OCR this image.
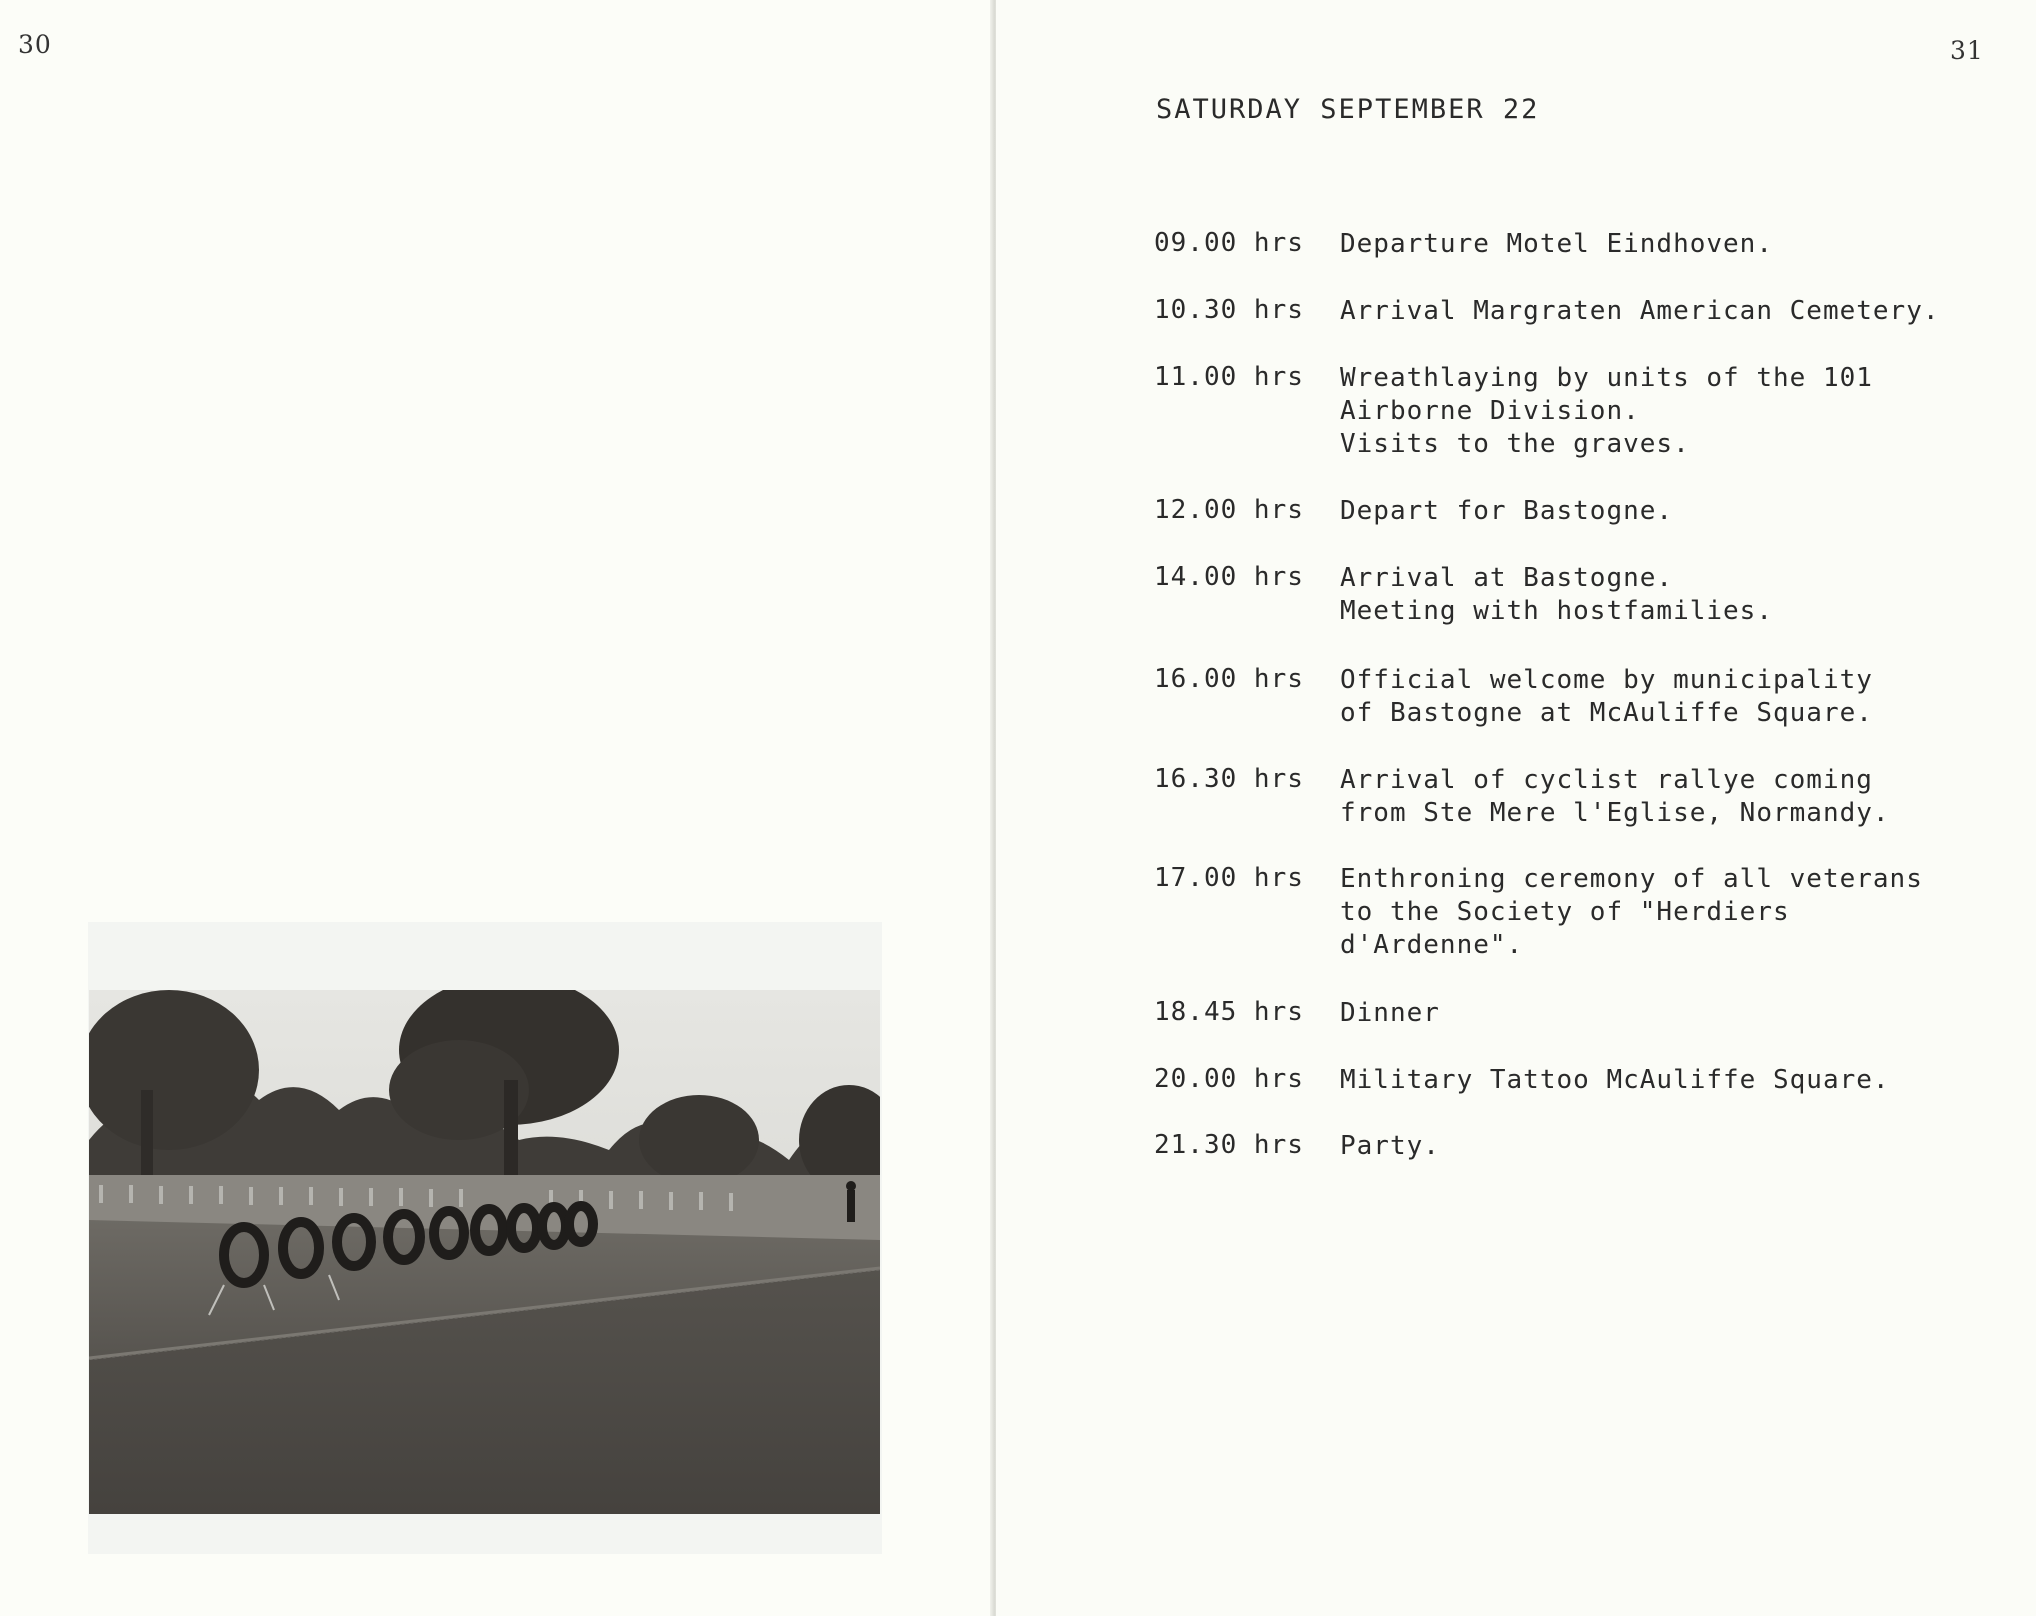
30	31
SATURDAY SEPTEMBER 22
09.00 hrs Departure Motel Eindhoven.
10.30 hrs Arrival Margraten American Cemetery.
11.00 hrs Wreathlaying by units of the 101
Airborne Division.
Visits to the graves.
12.00 hrs Depart for Bastogne.
14.00 hrs Arrival at Bastogne.
Meeting with hostfamilies.
16.00 hrs Official welcome by municipality
of Bastogne at McAuliffe Square.
16.30 hrs Arrival of cyclist rallye coming
from Ste Mere l'Eglise, Normandy.
17.00 hrs Enthroning ceremony of all veterans
to the Society of "Herdiers
d'Ardenne".
18.45 hrs Dinner
20.00 hrs Military Tattoo McAuliffe Square.
21.30 hrs Party.
